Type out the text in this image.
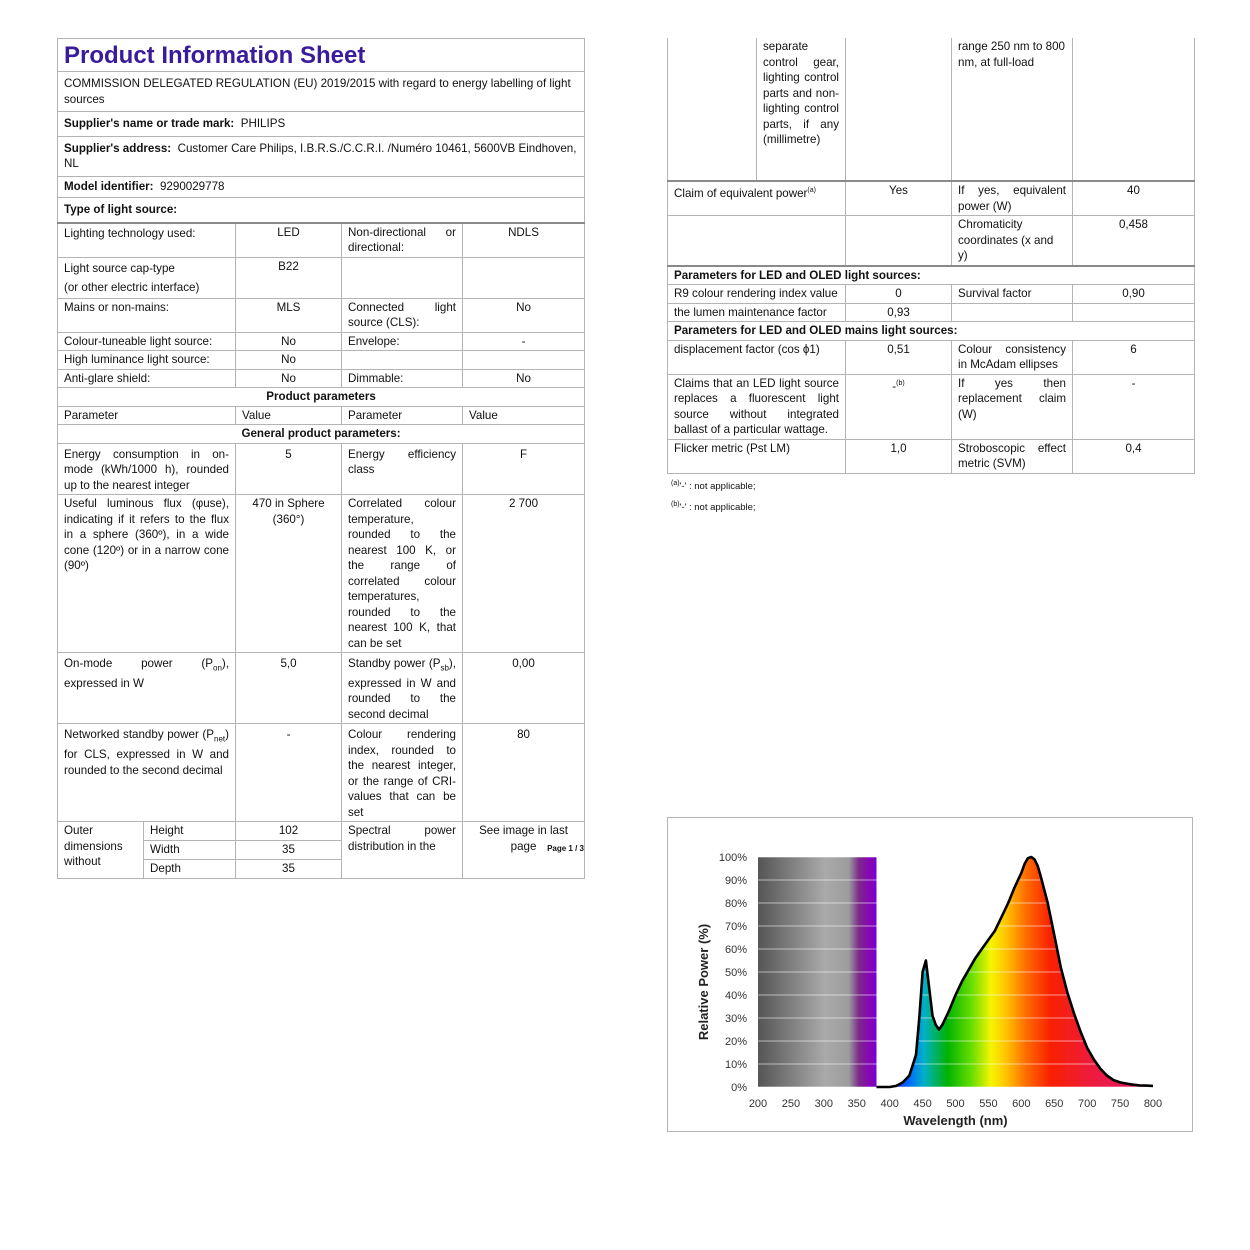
Product Information Sheet				
COMMISSION DELEGATED REGULATION (EU) 2019/2015 with regard to energy labelling of light sources				
Supplier's name or trade mark: PHILIPS				
Supplier's address: Customer Care Philips, I.B.R.S./C.C.R.I. /Numéro 10461, 5600VB Eindhoven, NL				
Model identifier: 9290029778				
Type of light source:				
Lighting technology used:		LED	Non-directional or directional:	NDLS
Light source cap-type
(or other electric interface)		B22		
Mains or non-mains:		MLS	Connected light source (CLS):	No
Colour-tuneable light source:		No	Envelope:	-
High luminance light source:		No		
Anti-glare shield:		No	Dimmable:	No
Product parameters				
Parameter		Value	Parameter	Value
General product parameters:				
Energy consumption in on-mode (kWh/1000 h), rounded up to the nearest integer		5	Energy efficiency class	F
Useful luminous flux (φuse), indicating if it refers to the flux in a sphere (360º), in a wide cone (120º) or in a narrow cone (90º)		470 in Sphere (360°)	Correlated colour temperature, rounded to the nearest 100 K, or the range of correlated colour temperatures, rounded to the nearest 100 K, that can be set	2 700
On-mode power $(P_{on})$, expressed in W		5,0	Standby power $(P_{sb})$, expressed in W and rounded to the second decimal	0,00
Networked standby power $(P_{net})$ for CLS, expressed in W and rounded to the second decimal		-	Colour rendering index, rounded to the nearest integer, or the range of CRI-values that can be set	80
Outer dimensions without	Height	102	Spectral power distribution in the	See image in last page
	Width	35		
	Depth	35		
Page 1 / 3
	separate control gear, lighting control parts and non-lighting control parts, if any (millimetre)		range 250 nm to 800 nm, at full-load	
Claim of equivalent power$^{(a)}$		Yes	If yes, equivalent power (W)	40
			Chromaticity coordinates (x and y)	0,458
Parameters for LED and OLED light sources:				
R9 colour rendering index value		0	Survival factor	0,90
the lumen maintenance factor		0,93		
Parameters for LED and OLED mains light sources:				
displacement factor (cos ϕ1)		0,51	Colour consistency in McAdam ellipses	6
Claims that an LED light source replaces a fluorescent light source without integrated ballast of a particular wattage.		-$^{(b)}$	If yes then replacement claim (W)	-
Flicker metric (Pst LM)		1,0	Stroboscopic effect metric (SVM)	0,4
$^{(a)}$'-' : not applicable;
$^{(b)}$'-' : not applicable;
0%
10%
20%
30%
40%
50%
60%
70%
80%
90%
100%
200 250 300 350 400 450 500 550 600 650 700 750 800
Wavelength (nm)
Relative Power (%)
